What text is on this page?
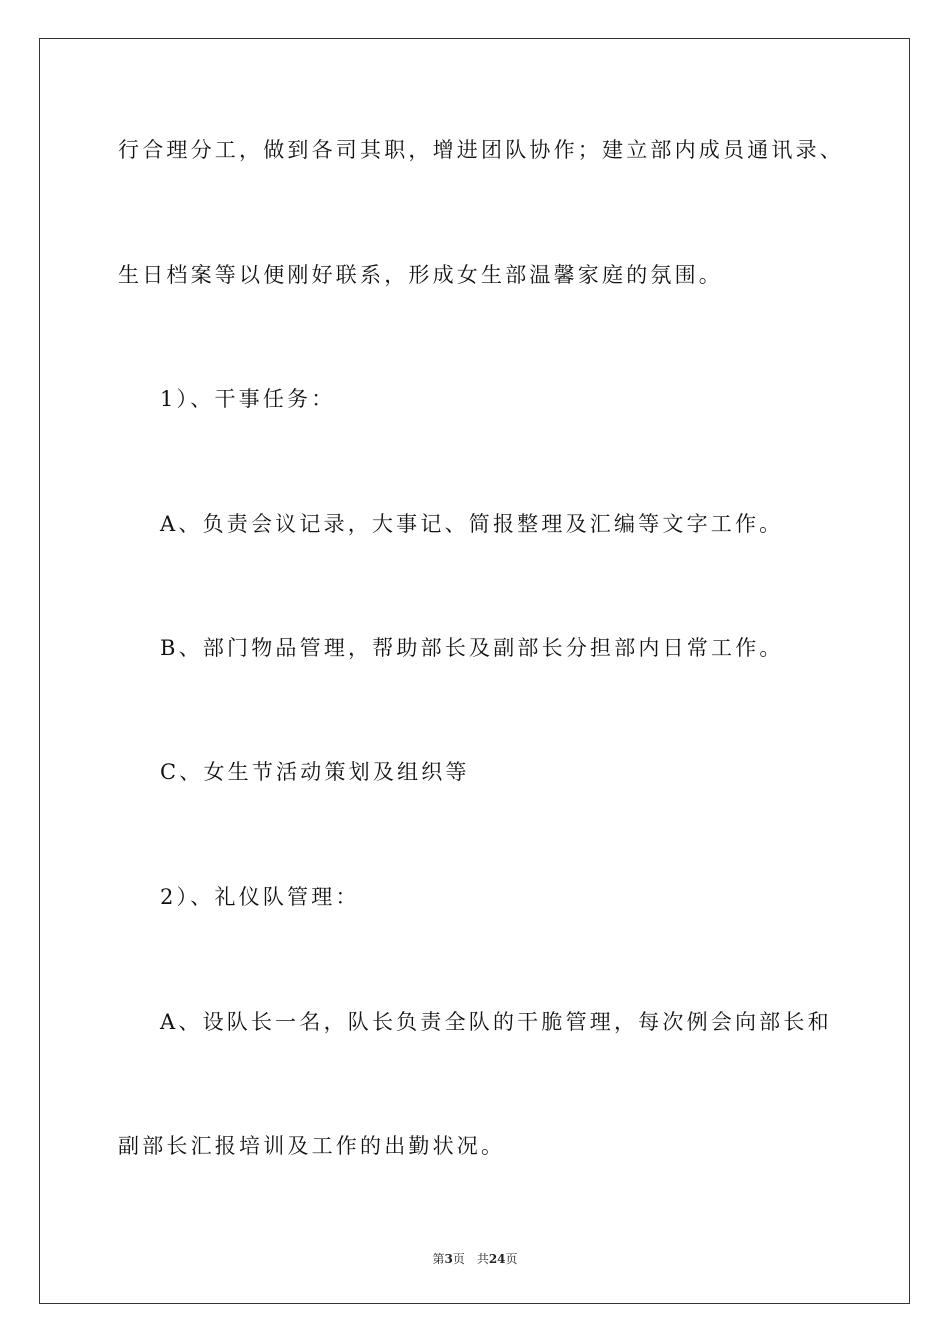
行合理分工，做到各司其职，增进团队协作；建立部内成员通讯录、

生日档案等以便刚好联系，形成女生部温馨家庭的氛围。

1）、干事任务：

A、负责会议记录，大事记、简报整理及汇编等文字工作。

B、部门物品管理，帮助部长及副部长分担部内日常工作。

C、女生节活动策划及组织等

2）、礼仪队管理：

A、设队长一名，队长负责全队的干脆管理，每次例会向部长和

副部长汇报培训及工作的出勤状况。

第3页　共24页
